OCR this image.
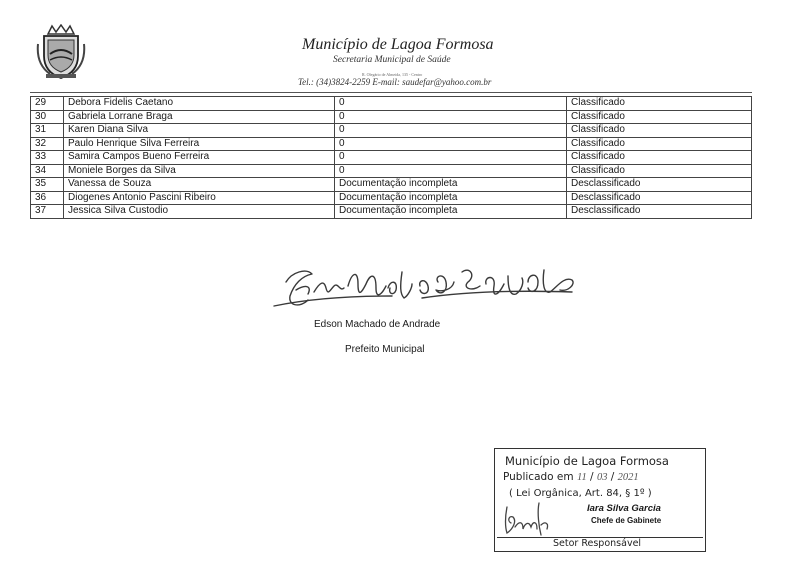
Município de Lagoa Formosa
Secretaria Municipal de Saúde
R. Olegário de Almeida, 135 - Centro
Tel.: (34)3824-2259 E-mail: saudefar@yahoo.com.br
29	Debora Fidelis Caetano	0	Classificado
30	Gabriela Lorrane Braga	0	Classificado
31	Karen Diana Silva	0	Classificado
32	Paulo Henrique Silva Ferreira	0	Classificado
33	Samira Campos Bueno Ferreira	0	Classificado
34	Moniele Borges da Silva	0	Classificado
35	Vanessa de Souza	Documentação incompleta	Desclassificado
36	Diogenes Antonio Pascini Ribeiro	Documentação incompleta	Desclassificado
37	Jessica Silva Custodio	Documentação incompleta	Desclassificado
Edson Machado de Andrade
Prefeito Municipal
Município de Lagoa Formosa
Publicado em 11 / 03 / 2021
( Lei Orgânica, Art. 84, § 1º )
Iara Silva Garcia
Chefe de Gabinete
Setor Responsável
